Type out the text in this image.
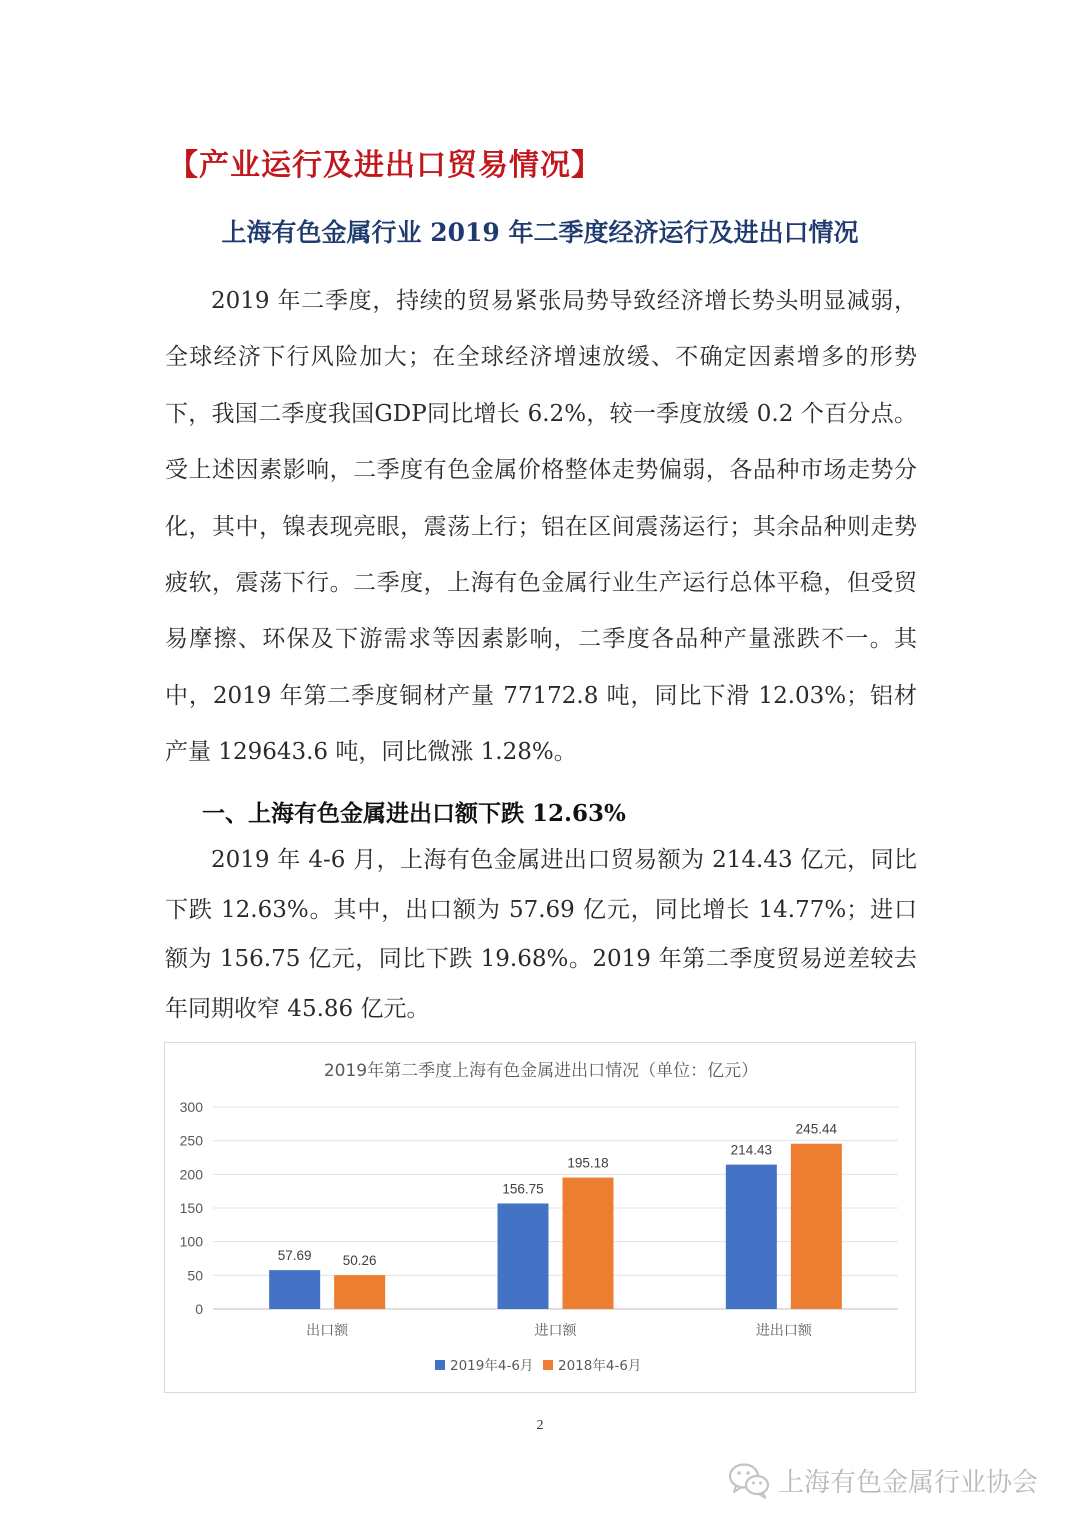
【产业运行及进出口贸易情况】
上海有色金属行业 2019 年二季度经济运行及进出口情况

2019 年二季度，持续的贸易紧张局势导致经济增长势头明显减弱，全球经济下行风险加大；在全球经济增速放缓、不确定因素增多的形势下，我国二季度我国GDP同比增长 6.2%，较一季度放缓 0.2 个百分点。受上述因素影响，二季度有色金属价格整体走势偏弱，各品种市场走势分化，其中，镍表现亮眼，震荡上行；铝在区间震荡运行；其余品种则走势疲软，震荡下行。二季度，上海有色金属行业生产运行总体平稳，但受贸易摩擦、环保及下游需求等因素影响，二季度各品种产量涨跌不一。其中，2019 年第二季度铜材产量 77172.8 吨，同比下滑 12.03%；铝材产量 129643.6 吨，同比微涨 1.28%。

一、上海有色金属进出口额下跌 12.63%

2019 年 4-6 月，上海有色金属进出口贸易额为 214.43 亿元，同比下跌 12.63%。其中，出口额为 57.69 亿元，同比增长 14.77%；进口额为 156.75 亿元，同比下跌 19.68%。2019 年第二季度贸易逆差较去年同期收窄 45.86 亿元。

2019年第二季度上海有色金属进出口情况（单位：亿元）
0
50
100
150
200
250
300
57.69 50.26
出口额
156.75
195.18
进口额
214.43
245.44
进出口额
2019年4-6月 2018年4-6月
2
上海有色金属行业协会
